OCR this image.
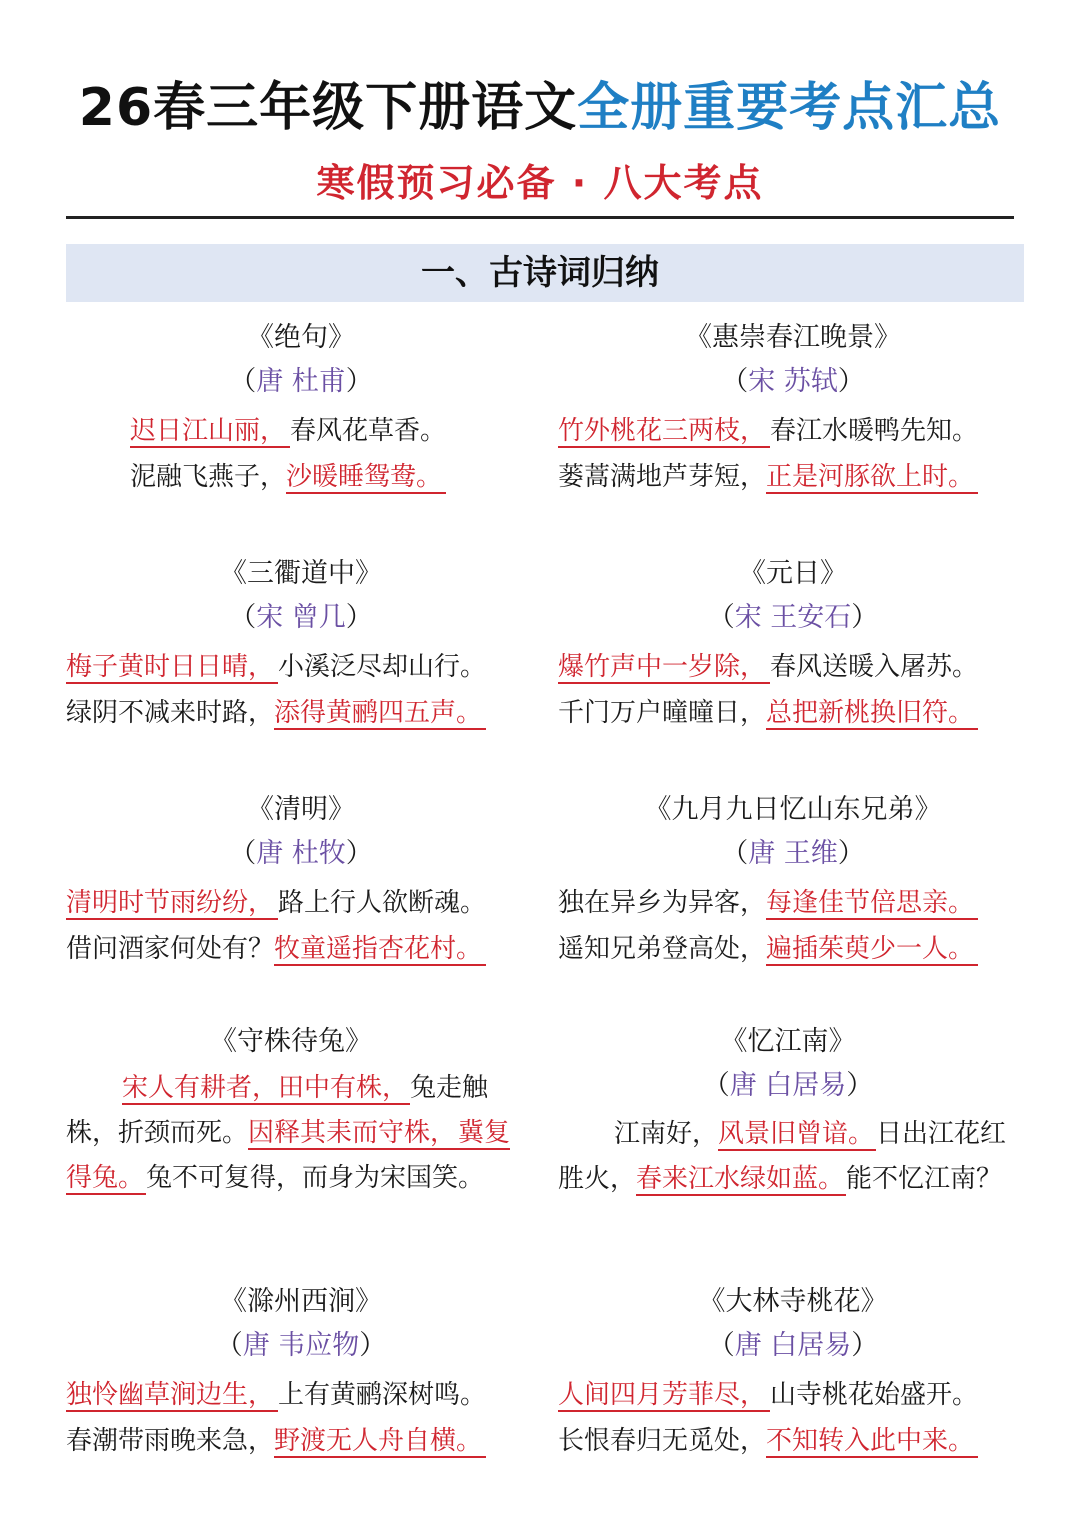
26春三年级下册语文全册重要考点汇总
寒假预习必备 · 八大考点
一、古诗词归纳
《绝句》
（唐 杜甫）
迟日江山丽， 春风花草香。
泥融飞燕子，沙暖睡鸳鸯。
《惠崇春江晚景》
（宋 苏轼）
竹外桃花三两枝， 春江水暖鸭先知。
蒌蒿满地芦芽短，正是河豚欲上时。
《三衢道中》
（宋 曾几）
梅子黄时日日晴， 小溪泛尽却山行。
绿阴不减来时路，添得黄鹂四五声。
《元日》
（宋 王安石）
爆竹声中一岁除， 春风送暖入屠苏。
千门万户曈曈日，总把新桃换旧符。
《清明》
（唐 杜牧）
清明时节雨纷纷， 路上行人欲断魂。
借问酒家何处有？牧童遥指杏花村。
《九月九日忆山东兄弟》
（唐 王维）
独在异乡为异客，每逢佳节倍思亲。
遥知兄弟登高处，遍插茱萸少一人。
《守株待兔》
宋人有耕者，田中有株，兔走触株，折颈而死。因释其耒而守株，冀复得兔。兔不可复得，而身为宋国笑。
《忆江南》
（唐 白居易）
江南好，风景旧曾谙。日出江花红胜火，春来江水绿如蓝。能不忆江南？
《滁州西涧》
（唐 韦应物）
独怜幽草涧边生， 上有黄鹂深树鸣。
春潮带雨晚来急，野渡无人舟自横。
《大林寺桃花》
（唐 白居易）
人间四月芳菲尽， 山寺桃花始盛开。
长恨春归无觅处，不知转入此中来。
